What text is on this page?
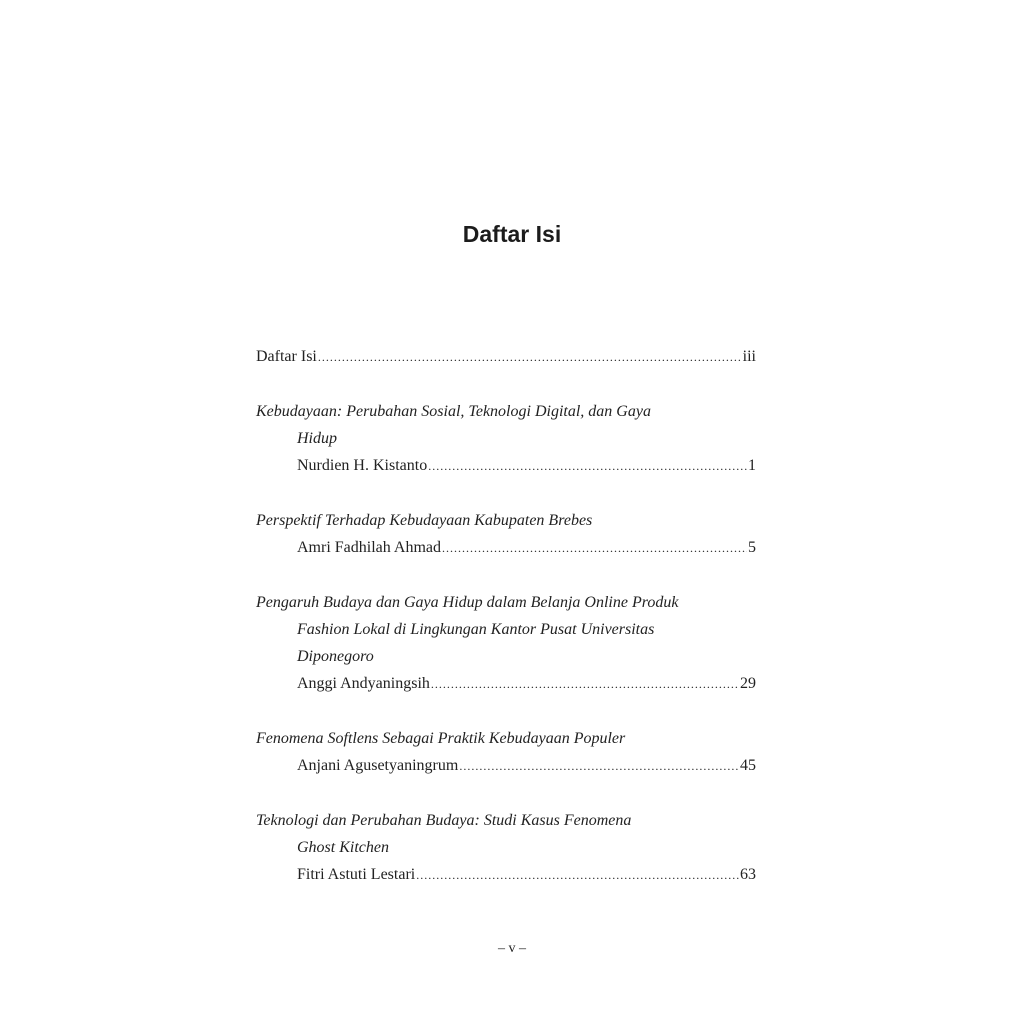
Daftar Isi
Daftar Isi .....	iii
Kebudayaan: Perubahan Sosial, Teknologi Digital, dan Gaya
Hidup
Nurdien H. Kistanto .....	1
Perspektif Terhadap Kebudayaan Kabupaten Brebes
Amri Fadhilah Ahmad .....	5
Pengaruh Budaya dan Gaya Hidup dalam Belanja Online Produk
Fashion Lokal di Lingkungan Kantor Pusat Universitas
Diponegoro
Anggi Andyaningsih .....	29
Fenomena Softlens Sebagai Praktik Kebudayaan Populer
Anjani Agusetyaningrum .....	45
Teknologi dan Perubahan Budaya: Studi Kasus Fenomena
Ghost Kitchen
Fitri Astuti Lestari .....	63
– v –
